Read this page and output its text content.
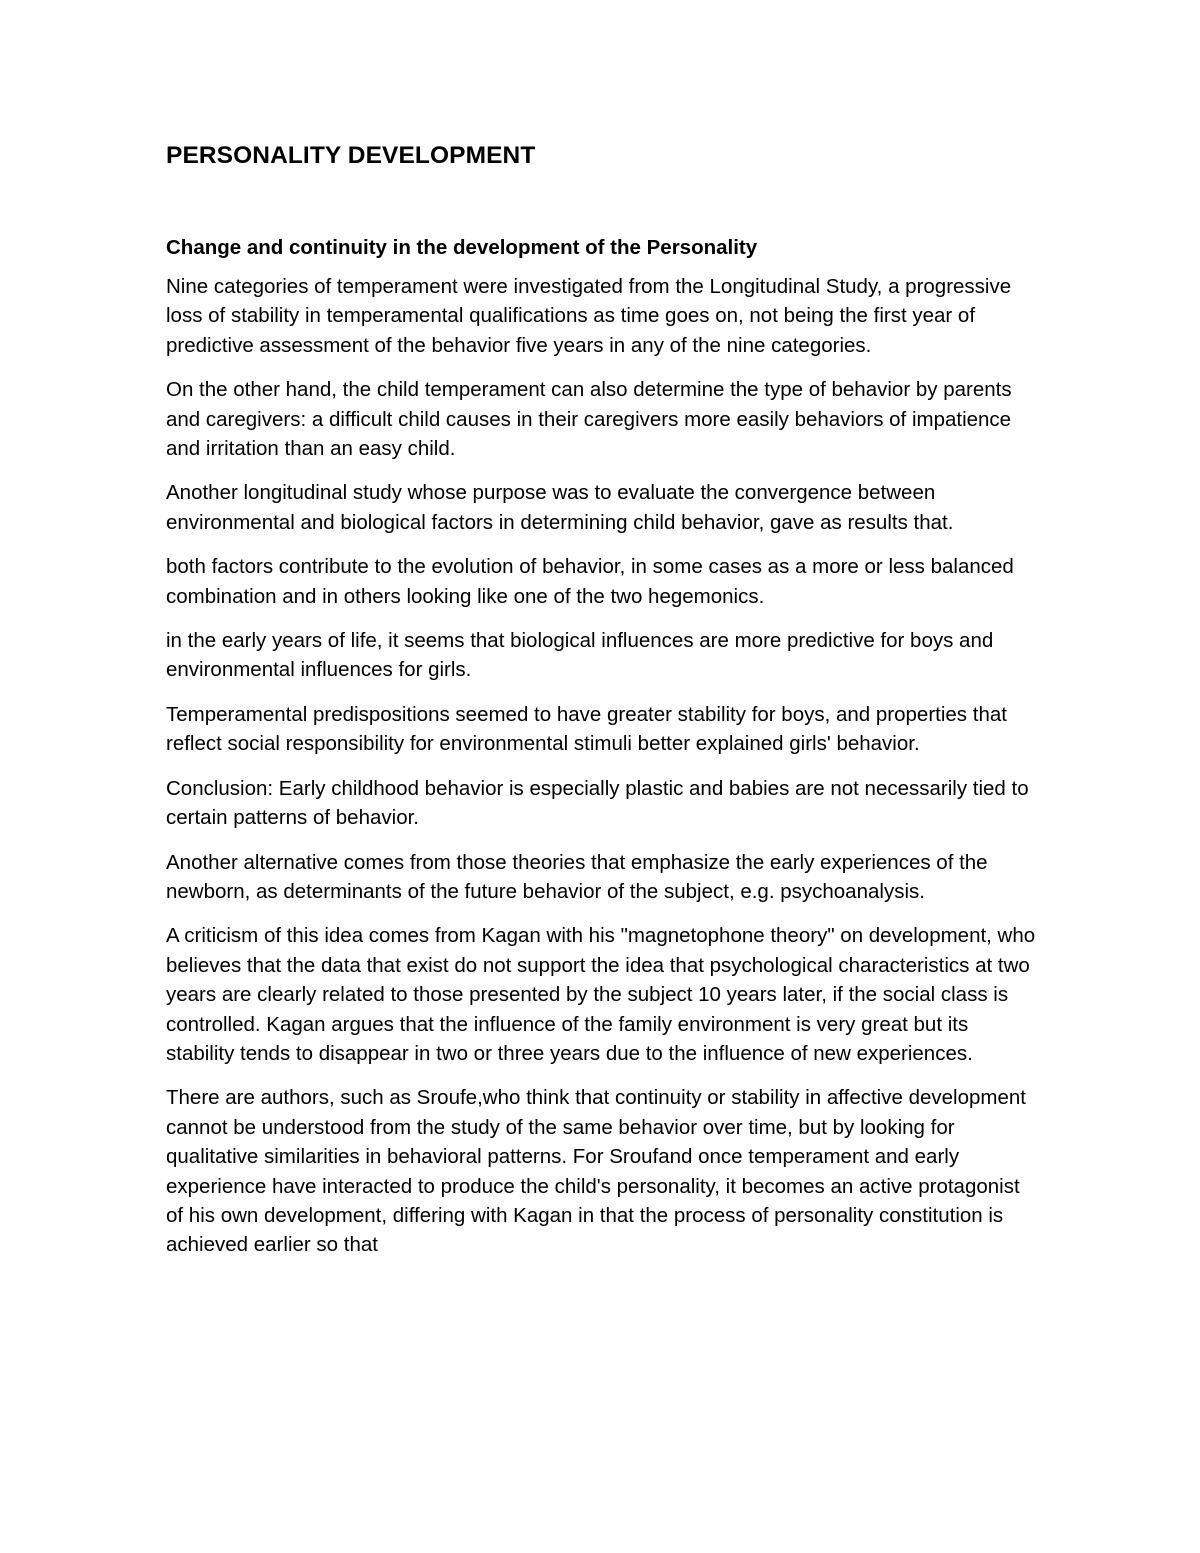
PERSONALITY DEVELOPMENT
Change and continuity in the development of the Personality

Nine categories of temperament were investigated from the Longitudinal Study, a progressive loss of stability in temperamental qualifications as time goes on, not being the first year of predictive assessment of the behavior five years in any of the nine categories.

On the other hand, the child temperament can also determine the type of behavior by parents and caregivers: a difficult child causes in their caregivers more easily behaviors of impatience and irritation than an easy child.

Another longitudinal study whose purpose was to evaluate the convergence between environmental and biological factors in determining child behavior, gave as results that.

both factors contribute to the evolution of behavior, in some cases as a more or less balanced combination and in others looking like one of the two hegemonics.

in the early years of life, it seems that biological influences are more predictive for boys and environmental influences for girls.

Temperamental predispositions seemed to have greater stability for boys, and properties that reflect social responsibility for environmental stimuli better explained girls' behavior.

Conclusion: Early childhood behavior is especially plastic and babies are not necessarily tied to certain patterns of behavior.

Another alternative comes from those theories that emphasize the early experiences of the newborn, as determinants of the future behavior of the subject, e.g. psychoanalysis.

A criticism of this idea comes from Kagan with his "magnetophone theory" on development, who believes that the data that exist do not support the idea that psychological characteristics at two years are clearly related to those presented by the subject 10 years later, if the social class is controlled. Kagan argues that the influence of the family environment is very great but its stability tends to disappear in two or three years due to the influence of new experiences.

There are authors, such as Sroufe,who think that continuity or stability in affective development cannot be understood from the study of the same behavior over time, but by looking for qualitative similarities in behavioral patterns. For Sroufand once temperament and early experience have interacted to produce the child's personality, it becomes an active protagonist of his own development, differing with Kagan in that the process of personality constitution is achieved earlier so that
